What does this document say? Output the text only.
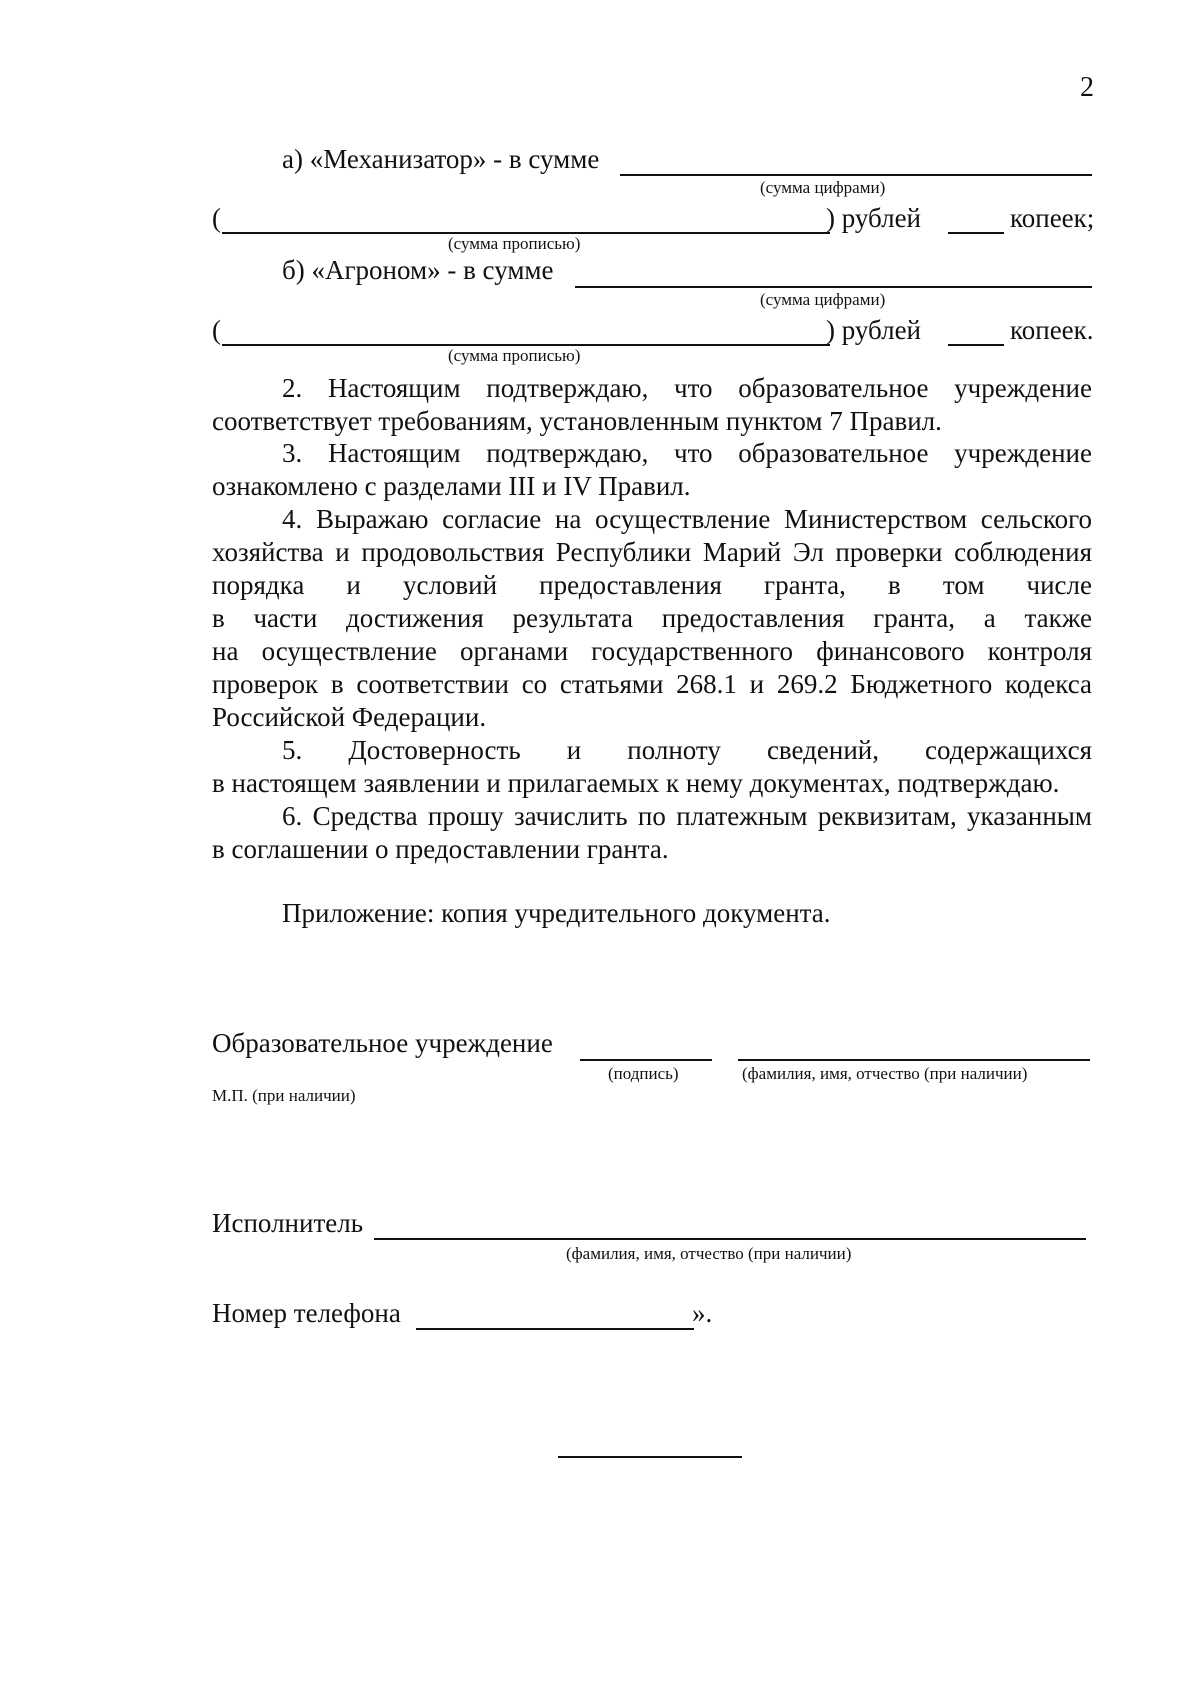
2
а) «Механизатор» - в сумме
(сумма цифрами)
(	) рублей	копеек;
(сумма прописью)
б) «Агроном» - в сумме
(сумма цифрами)
(	) рублей	копеек.
(сумма прописью)
2. Настоящим подтверждаю, что образовательное учреждение
соответствует требованиям, установленным пунктом 7 Правил.
3. Настоящим подтверждаю, что образовательное учреждение
ознакомлено с разделами III и IV Правил.
4. Выражаю согласие на осуществление Министерством сельского
хозяйства и продовольствия Республики Марий Эл проверки соблюдения
порядка и условий предоставления гранта, в том числе
в части достижения результата предоставления гранта, а также
на осуществление органами государственного финансового контроля
проверок в соответствии со статьями 268.1 и 269.2 Бюджетного кодекса
Российской Федерации.
5. Достоверность и полноту сведений, содержащихся
в настоящем заявлении и прилагаемых к нему документах, подтверждаю.
6. Средства прошу зачислить по платежным реквизитам, указанным
в соглашении о предоставлении гранта.
Приложение: копия учредительного документа.
Образовательное учреждение
(подпись)	(фамилия, имя, отчество (при наличии)
М.П. (при наличии)
Исполнитель
(фамилия, имя, отчество (при наличии)
Номер телефона	».
